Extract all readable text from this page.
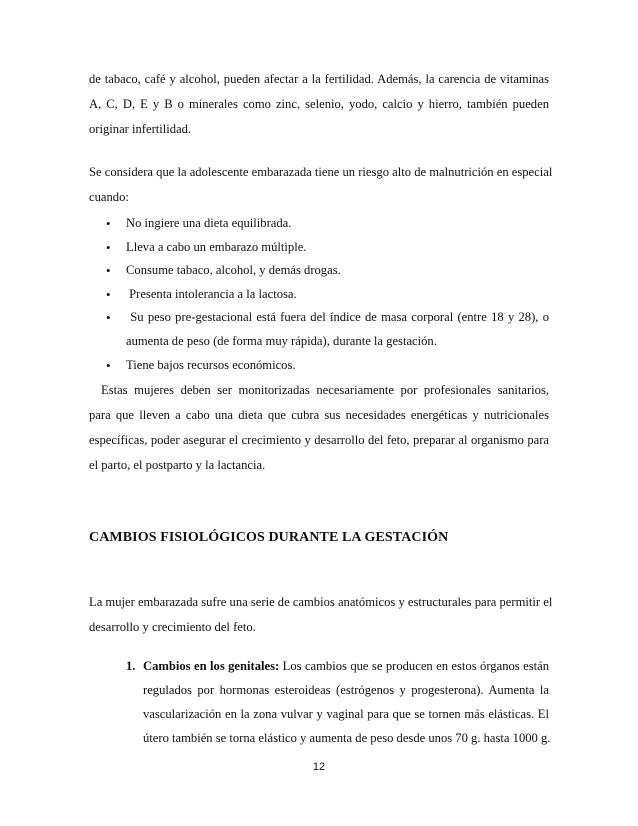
de tabaco, café y alcohol, pueden afectar a la fertilidad. Además, la carencia de vitaminas
A, C, D, E y B o minerales como zinc, selenio, yodo, calcio y hierro, también pueden
originar infertilidad.
Se considera que la adolescente embarazada tiene un riesgo alto de malnutrición en especial
cuando:
• No ingiere una dieta equilibrada.
• Lleva a cabo un embarazo múltiple.
• Consume tabaco, alcohol, y demás drogas.
• Presenta intolerancia a la lactosa.
• Su peso pre-gestacional está fuera del índice de masa corporal (entre 18 y 28), o aumenta de peso (de forma muy rápida), durante la gestación.
• Tiene bajos recursos económicos.
Estas mujeres deben ser monitorizadas necesariamente por profesionales sanitarios,
para que lleven a cabo una dieta que cubra sus necesidades energéticas y nutricionales
específicas, poder asegurar el crecimiento y desarrollo del feto, preparar al organismo para
el parto, el postparto y la lactancia.
CAMBIOS FISIOLÓGICOS DURANTE LA GESTACIÓN
La mujer embarazada sufre una serie de cambios anatómicos y estructurales para permitir el
desarrollo y crecimiento del feto.
1. Cambios en los genitales: Los cambios que se producen en estos órganos están
regulados por hormonas esteroideas (estrógenos y progesterona). Aumenta la
vascularización en la zona vulvar y vaginal para que se tornen más elásticas. El
útero también se torna elástico y aumenta de peso desde unos 70 g. hasta 1000 g.
12
